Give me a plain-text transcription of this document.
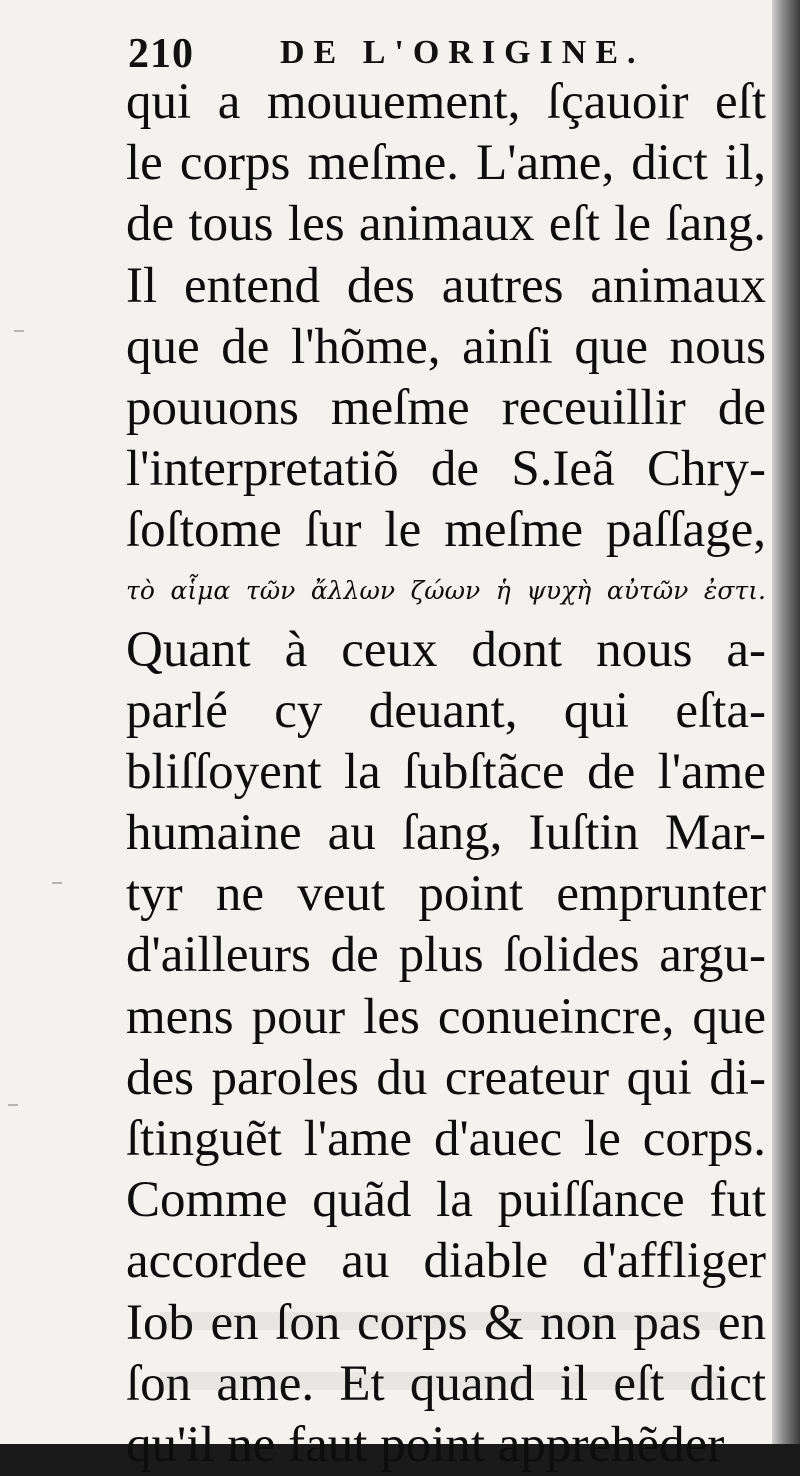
210	DE L'ORIGINE.
qui a mouuement, ſçauoir eſt
le corps meſme. L'ame, dict il,
de tous les animaux eſt le ſang.
Il entend des autres animaux
que de l'hõme, ainſi que nous
pouuons meſme receuillir de
l'interpretatiõ de S.Ieã Chry-
ſoſtome ſur le meſme paſſage,
τὸ αἷμα τῶν ἄλλων ζώων ἡ ψυχὴ αὐτῶν ἐστι.
Quant à ceux dont nous a-
parlé cy deuant, qui eſta-
bliſſoyent la ſubſtãce de l'ame
humaine au ſang, Iuſtin Mar-
tyr ne veut point emprunter
d'ailleurs de plus ſolides argu-
mens pour les conueincre, que
des paroles du createur qui di-
ſtinguẽt l'ame d'auec le corps.
Comme quãd la puiſſance fut
accordee au diable d'affliger
Iob en ſon corps & non pas en
ſon ame. Et quand il eſt dict
qu'il ne faut point apprehẽder
